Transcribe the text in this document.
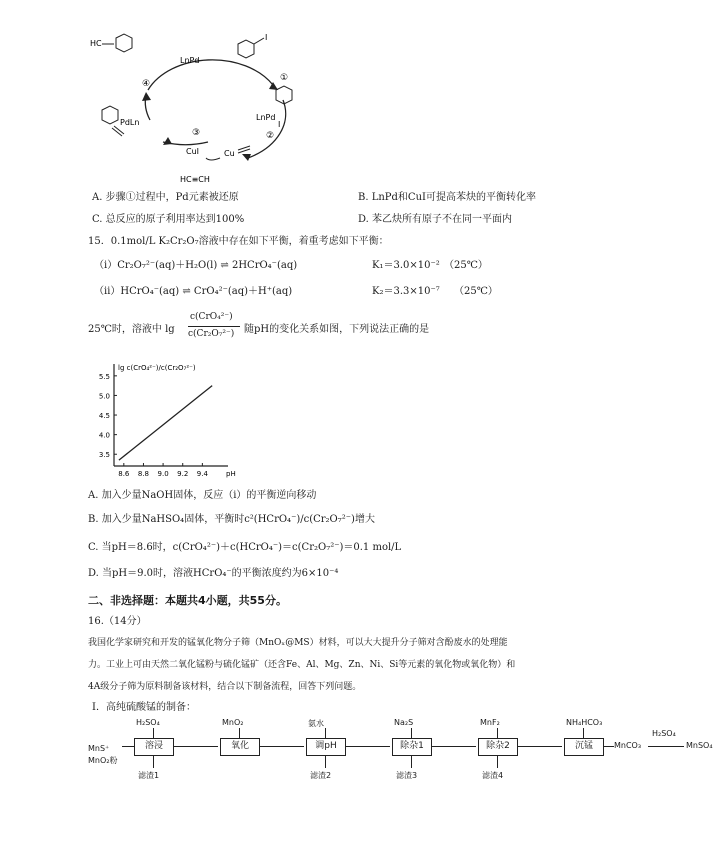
HC
LnPd
I
①
②
③
④
LnPd
I
PdLn
CuI	Cu
HC≡CH
A. 步骤①过程中，Pd元素被还原	B. LnPd和CuI可提高苯炔的平衡转化率
C. 总反应的原子利用率达到100%	D. 苯乙炔所有原子不在同一平面内
15．0.1mol/L K₂Cr₂O₇溶液中存在如下平衡，着重考虑如下平衡：
（ⅰ）Cr₂O₇²⁻(aq)＋H₂O(l) ⇌ 2HCrO₄⁻(aq)	K₁＝3.0×10⁻² （25℃）
（ⅱ）HCrO₄⁻(aq) ⇌ CrO₄²⁻(aq)＋H⁺(aq)	K₂＝3.3×10⁻⁷ （25℃）
25℃时，溶液中 lg
c(CrO₄²⁻)
c(Cr₂O₇²⁻) 随pH的变化关系如图，下列说法正确的是
3.5
4.0
4.5
5.0
5.5
8.6 8.8 9.0 9.2 9.4	pH
lg c(CrO₄²⁻)/c(Cr₂O₇²⁻)
A. 加入少量NaOH固体，反应（ⅰ）的平衡逆向移动
B. 加入少量NaHSO₄固体，平衡时c²(HCrO₄⁻)/c(Cr₂O₇²⁻)增大
C. 当pH＝8.6时，c(CrO₄²⁻)＋c(HCrO₄⁻)＝c(Cr₂O₇²⁻)＝0.1 mol/L
D. 当pH＝9.0时，溶液HCrO₄⁻的平衡浓度约为6×10⁻⁴
二、非选择题：本题共4小题，共55分。
16.（14分）
我国化学家研究和开发的锰氧化物分子筛（MnOₓ@MS）材料，可以大大提升分子筛对含酚废水的处理能
力。工业上可由天然二氧化锰粉与硫化锰矿（还含Fe、Al、Mg、Zn、Ni、Si等元素的氧化物或氧化物）和
4A级分子筛为原料制备该材料，结合以下制备流程，回答下列问题。
Ⅰ．高纯硫酸锰的制备：
MnS⁺
MnO₂粉
溶浸
H₂SO₄
滤渣1
氧化
MnO₂
调pH
氨水
滤渣2
除杂1
Na₂S
滤渣3
除杂2
MnF₂
滤渣4
沉锰
NH₄HCO₃
MnCO₃
H₂SO₄
MnSO₄
